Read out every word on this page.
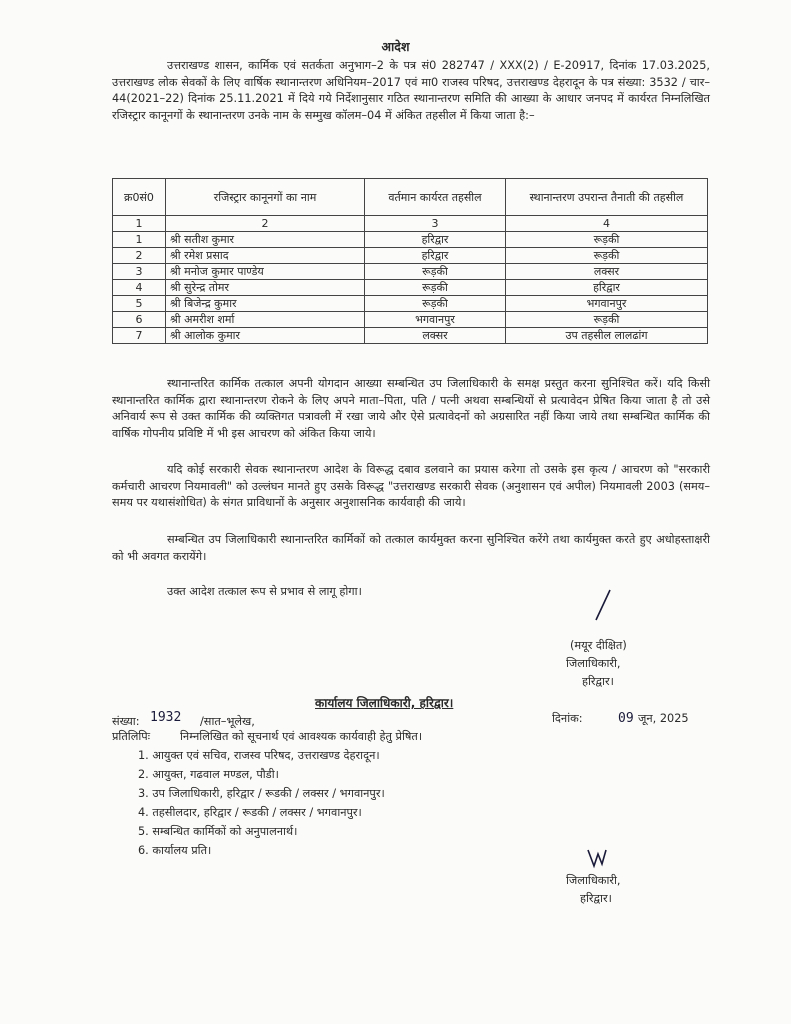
आदेश
उत्तराखण्ड शासन, कार्मिक एवं सतर्कता अनुभाग–2 के पत्र सं0 282747 / XXX(2) / E-20917, दिनांक 17.03.2025, उत्तराखण्ड लोक सेवकों के लिए वार्षिक स्थानान्तरण अधिनियम–2017 एवं मा0 राजस्व परिषद, उत्तराखण्ड देहरादून के पत्र संख्या: 3532 / चार–44(2021–22) दिनांक 25.11.2021 में दिये गये निर्देशानुसार गठित स्थानान्तरण समिति की आख्या के आधार जनपद में कार्यरत निम्नलिखित रजिस्ट्रार कानूनगों के स्थानान्तरण उनके नाम के सम्मुख कॉलम–04 में अंकित तहसील में किया जाता है:–
क्र0सं0	रजिस्ट्रार कानूनगों का नाम	वर्तमान कार्यरत तहसील	स्थानान्तरण उपरान्त तैनाती की तहसील
1	2	3	4
1	श्री सतीश कुमार	हरिद्वार	रूड़की
2	श्री रमेश प्रसाद	हरिद्वार	रूड़की
3	श्री मनोज कुमार पाण्डेय	रूड़की	लक्सर
4	श्री सुरेन्द्र तोमर	रूड़की	हरिद्वार
5	श्री बिजेन्द्र कुमार	रूड़की	भगवानपुर
6	श्री अमरीश शर्मा	भगवानपुर	रूड़की
7	श्री आलोक कुमार	लक्सर	उप तहसील लालढांग
स्थानान्तरित कार्मिक तत्काल अपनी योगदान आख्या सम्बन्धित उप जिलाधिकारी के समक्ष प्रस्तुत करना सुनिश्चित करें। यदि किसी स्थानान्तरित कार्मिक द्वारा स्थानान्तरण रोकने के लिए अपने माता–पिता, पति / पत्नी अथवा सम्बन्धियों से प्रत्यावेदन प्रेषित किया जाता है तो उसे अनिवार्य रूप से उक्त कार्मिक की व्यक्तिगत पत्रावली में रखा जाये और ऐसे प्रत्यावेदनों को अग्रसारित नहीं किया जाये तथा सम्बन्धित कार्मिक की वार्षिक गोपनीय प्रविष्टि में भी इस आचरण को अंकित किया जाये।
यदि कोई सरकारी सेवक स्थानान्तरण आदेश के विरूद्ध दबाव डलवाने का प्रयास करेगा तो उसके इस कृत्य / आचरण को "सरकारी कर्मचारी आचरण नियमावली" को उल्लंघन मानते हुए उसके विरूद्ध "उत्तराखण्ड सरकारी सेवक (अनुशासन एवं अपील) नियमावली 2003 (समय–समय पर यथासंशोधित) के संगत प्राविधानों के अनुसार अनुशासनिक कार्यवाही की जाये।
सम्बन्धित उप जिलाधिकारी स्थानान्तरित कार्मिकों को तत्काल कार्यमुक्त करना सुनिश्चित करेंगे तथा कार्यमुक्त करते हुए अधोहस्ताक्षरी को भी अवगत करायेंगे।
उक्त आदेश तत्काल रूप से प्रभाव से लागू होगा।
(मयूर दीक्षित)
जिलाधिकारी,
हरिद्वार।
कार्यालय जिलाधिकारी, हरिद्वार।
संख्या: 1932 /सात–भूलेख,	दिनांक:	09 जून, 2025
प्रतिलिपिः	निम्नलिखित को सूचनार्थ एवं आवश्यक कार्यवाही हेतु प्रेषित।
1. आयुक्त एवं सचिव, राजस्व परिषद, उत्तराखण्ड देहरादून।
2. आयुक्त, गढवाल मण्डल, पौडी।
3. उप जिलाधिकारी, हरिद्वार / रूडकी / लक्सर / भगवानपुर।
4. तहसीलदार, हरिद्वार / रूडकी / लक्सर / भगवानपुर।
5. सम्बन्धित कार्मिकों को अनुपालनार्थ।
6. कार्यालय प्रति।
जिलाधिकारी,
हरिद्वार।
